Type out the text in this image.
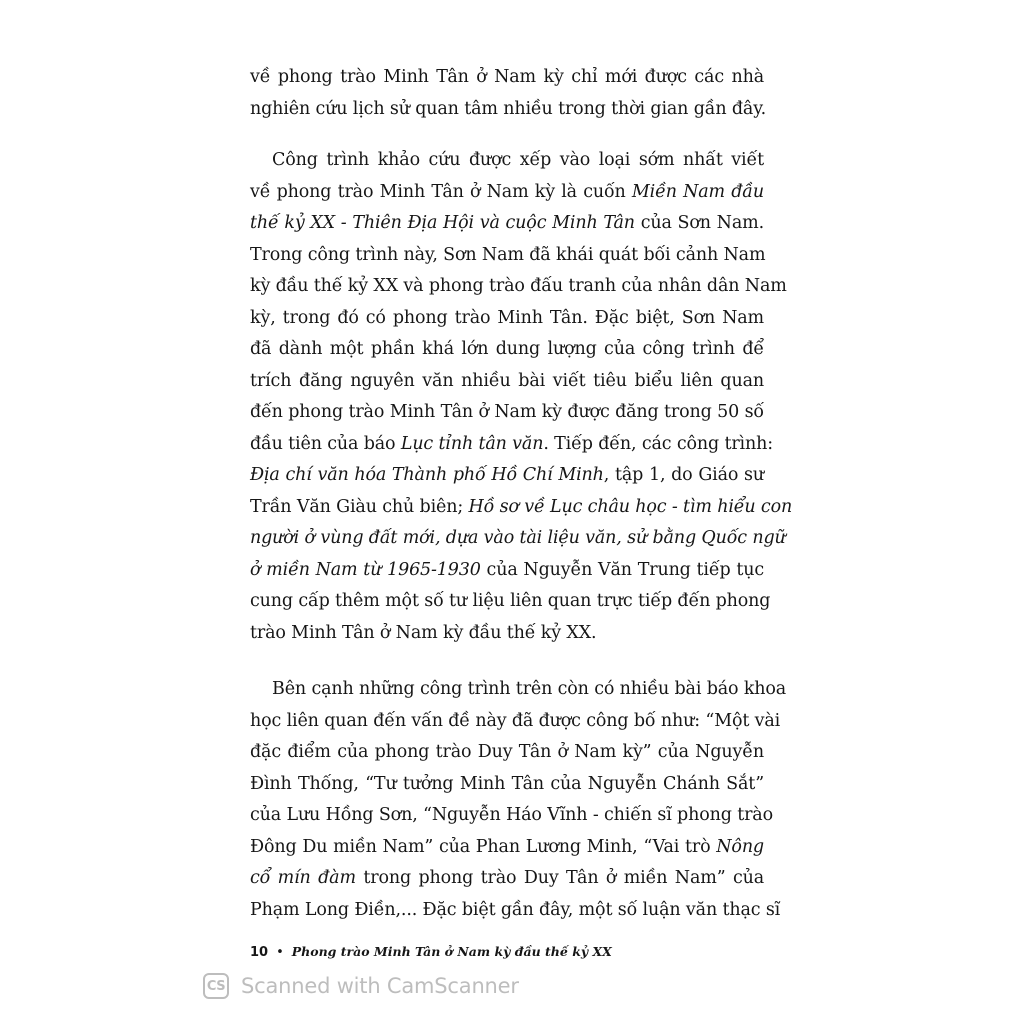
về phong trào Minh Tân ở Nam kỳ chỉ mới được các nhà
nghiên cứu lịch sử quan tâm nhiều trong thời gian gần đây.
Công trình khảo cứu được xếp vào loại sớm nhất viết
về phong trào Minh Tân ở Nam kỳ là cuốn Miền Nam đầu
thế kỷ XX - Thiên Địa Hội và cuộc Minh Tân của Sơn Nam.
Trong công trình này, Sơn Nam đã khái quát bối cảnh Nam
kỳ đầu thế kỷ XX và phong trào đấu tranh của nhân dân Nam
kỳ, trong đó có phong trào Minh Tân. Đặc biệt, Sơn Nam
đã dành một phần khá lớn dung lượng của công trình để
trích đăng nguyên văn nhiều bài viết tiêu biểu liên quan
đến phong trào Minh Tân ở Nam kỳ được đăng trong 50 số
đầu tiên của báo Lục tỉnh tân văn. Tiếp đến, các công trình:
Địa chí văn hóa Thành phố Hồ Chí Minh, tập 1, do Giáo sư
Trần Văn Giàu chủ biên; Hồ sơ về Lục châu học - tìm hiểu con
người ở vùng đất mới, dựa vào tài liệu văn, sử bằng Quốc ngữ
ở miền Nam từ 1965-1930 của Nguyễn Văn Trung tiếp tục
cung cấp thêm một số tư liệu liên quan trực tiếp đến phong
trào Minh Tân ở Nam kỳ đầu thế kỷ XX.
Bên cạnh những công trình trên còn có nhiều bài báo khoa
học liên quan đến vấn đề này đã được công bố như: “Một vài
đặc điểm của phong trào Duy Tân ở Nam kỳ” của Nguyễn
Đình Thống, “Tư tưởng Minh Tân của Nguyễn Chánh Sắt”
của Lưu Hồng Sơn, “Nguyễn Háo Vĩnh - chiến sĩ phong trào
Đông Du miền Nam” của Phan Lương Minh, “Vai trò Nông
cổ mín đàm trong phong trào Duy Tân ở miền Nam” của
Phạm Long Điền,... Đặc biệt gần đây, một số luận văn thạc sĩ
10 • Phong trào Minh Tân ở Nam kỳ đầu thế kỷ XX
CS Scanned with CamScanner
